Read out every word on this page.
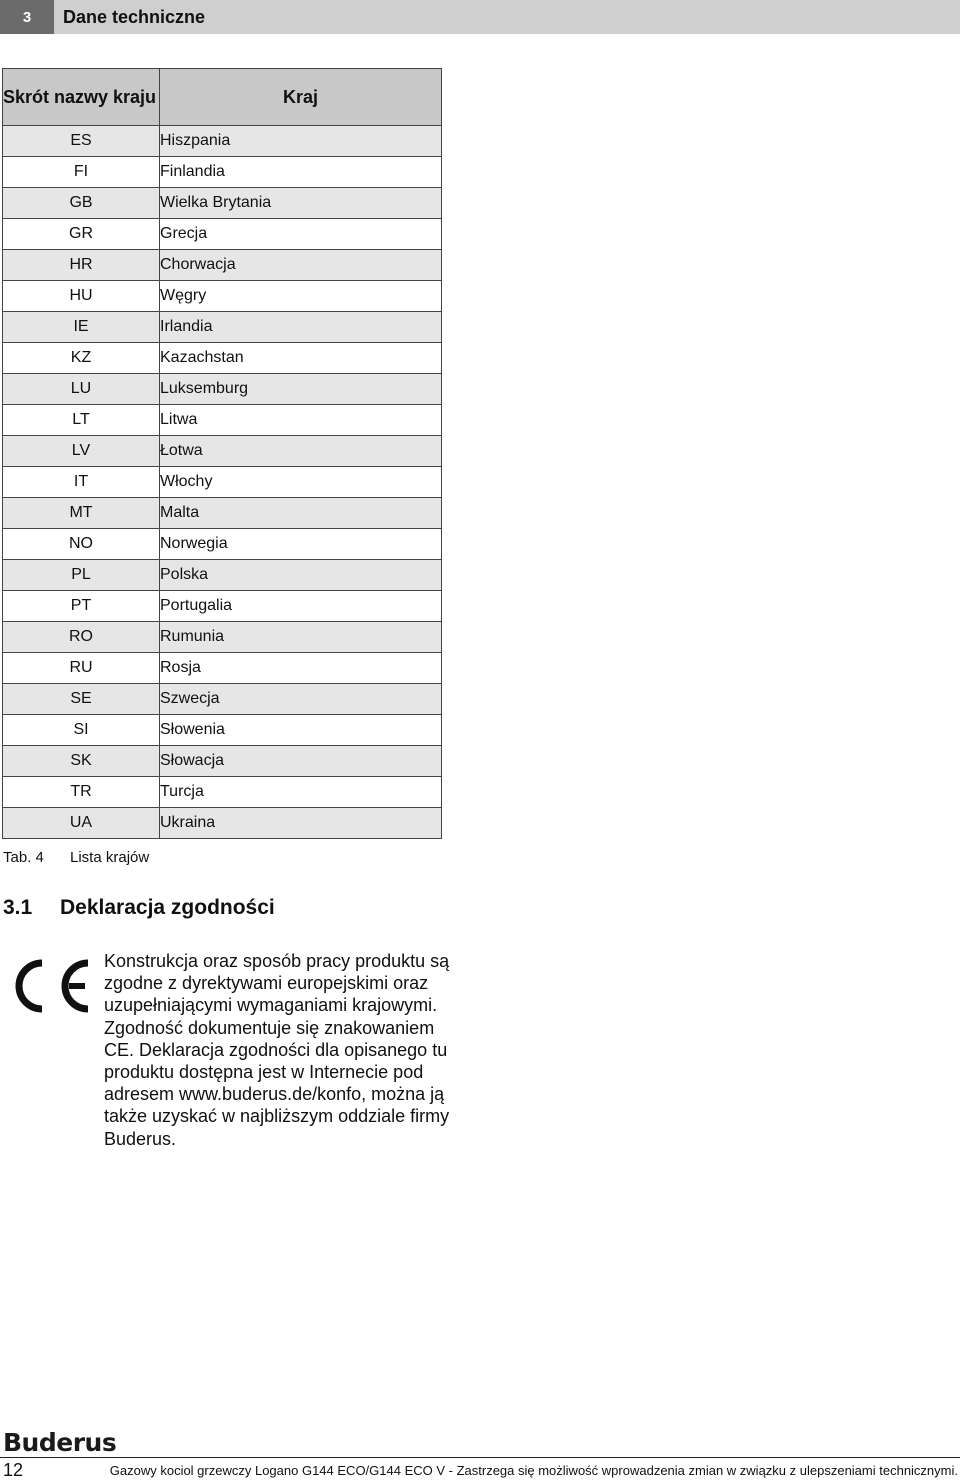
3	Dane techniczne
Skrót nazwy kraju	Kraj
ES	Hiszpania
FI	Finlandia
GB	Wielka Brytania
GR	Grecja
HR	Chorwacja
HU	Węgry
IE	Irlandia
KZ	Kazachstan
LU	Luksemburg
LT	Litwa
LV	Łotwa
IT	Włochy
MT	Malta
NO	Norwegia
PL	Polska
PT	Portugalia
RO	Rumunia
RU	Rosja
SE	Szwecja
SI	Słowenia
SK	Słowacja
TR	Turcja
UA	Ukraina
Tab. 4 Lista krajów
3.1 Deklaracja zgodności
Konstrukcja oraz sposób pracy produktu są zgodne z dyrektywami europejskimi oraz uzupełniającymi wymaganiami krajowymi. Zgodność dokumentuje się znakowaniem CE. Deklaracja zgodności dla opisanego tu produktu dostępna jest w Internecie pod adresem www.buderus.de/konfo, można ją także uzyskać w najbliższym oddziale firmy Buderus.
Buderus
12	Gazowy kociol grzewczy Logano G144 ECO/G144 ECO V - Zastrzega się możliwość wprowadzenia zmian w związku z ulepszeniami technicznymi.
